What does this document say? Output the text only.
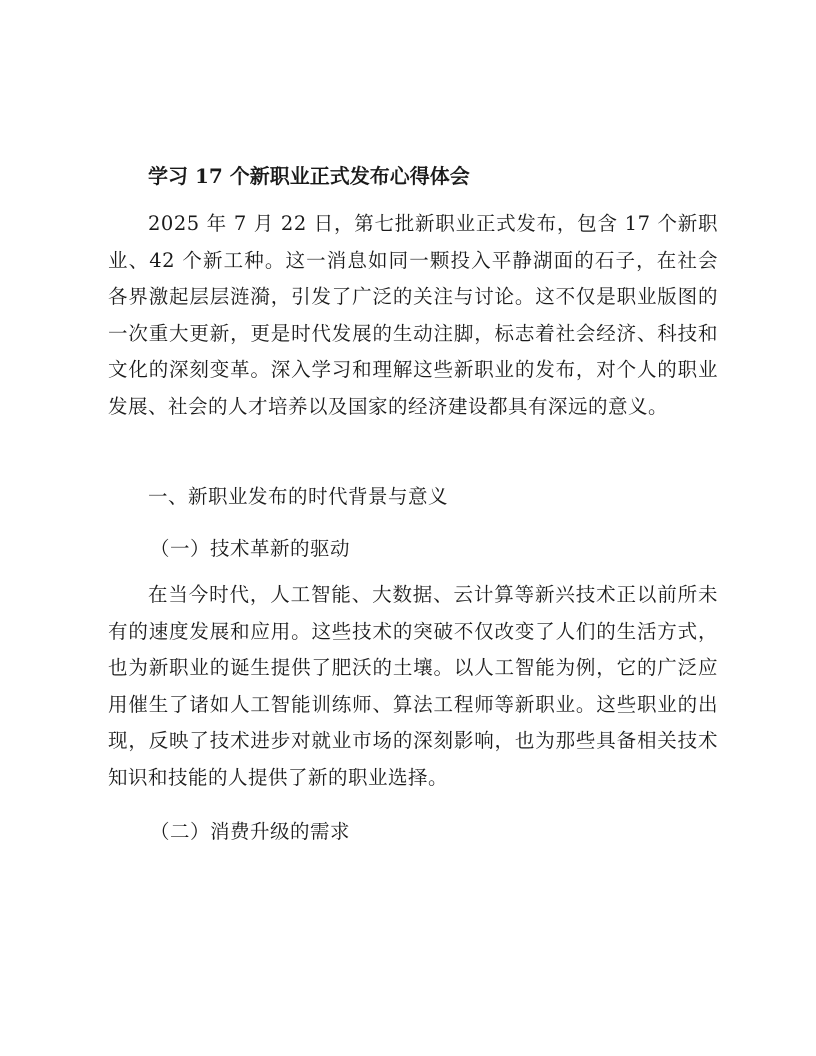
学习 17 个新职业正式发布心得体会

2025 年 7 月 22 日，第七批新职业正式发布，包含 17 个新职业、42 个新工种。这一消息如同一颗投入平静湖面的石子，在社会各界激起层层涟漪，引发了广泛的关注与讨论。这不仅是职业版图的一次重大更新，更是时代发展的生动注脚，标志着社会经济、科技和文化的深刻变革。深入学习和理解这些新职业的发布，对个人的职业发展、社会的人才培养以及国家的经济建设都具有深远的意义。

一、新职业发布的时代背景与意义
（一）技术革新的驱动

在当今时代，人工智能、大数据、云计算等新兴技术正以前所未有的速度发展和应用。这些技术的突破不仅改变了人们的生活方式，也为新职业的诞生提供了肥沃的土壤。以人工智能为例，它的广泛应用催生了诸如人工智能训练师、算法工程师等新职业。这些职业的出现，反映了技术进步对就业市场的深刻影响，也为那些具备相关技术知识和技能的人提供了新的职业选择。

（二）消费升级的需求
